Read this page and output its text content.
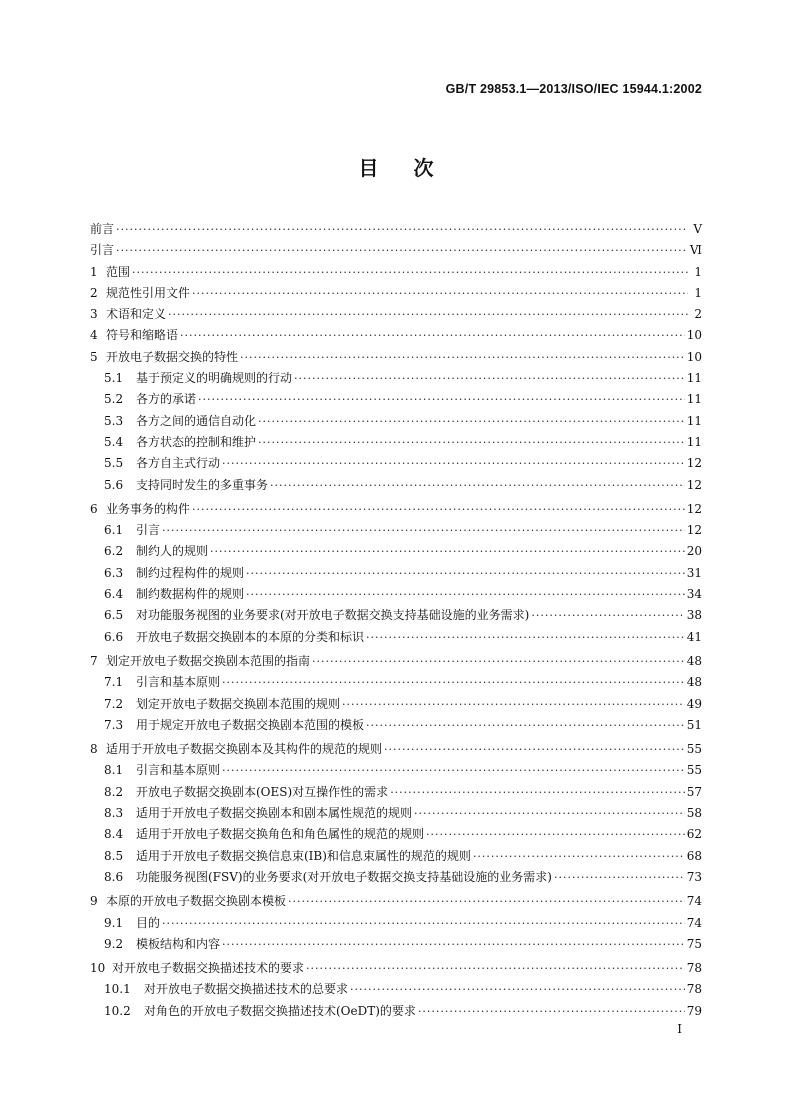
GB/T 29853.1—2013/ISO/IEC 15944.1:2002
目 次
前言 ·····	Ⅴ
引言 ·····	Ⅵ
1 范围 ·····	1
2 规范性引用文件 ·····	1
3 术语和定义 ·····	2
4 符号和缩略语 ·····	10
5 开放电子数据交换的特性 ·····	10
5.1	基于预定义的明确规则的行动 ·····	11
5.2	各方的承诺 ·····	11
5.3	各方之间的通信自动化 ·····	11
5.4	各方状态的控制和维护 ·····	11
5.5	各方自主式行动 ·····	12
5.6	支持同时发生的多重事务 ·····	12
6 业务事务的构件 ·····	12
6.1	引言 ·····	12
6.2	制约人的规则 ·····	20
6.3	制约过程构件的规则 ·····	31
6.4	制约数据构件的规则 ·····	34
6.5	对功能服务视图的业务要求(对开放电子数据交换支持基础设施的业务需求) ·····	38
6.6	开放电子数据交换剧本的本原的分类和标识 ·····	41
7 划定开放电子数据交换剧本范围的指南 ·····	48
7.1	引言和基本原则 ·····	48
7.2	划定开放电子数据交换剧本范围的规则 ·····	49
7.3	用于规定开放电子数据交换剧本范围的模板 ·····	51
8 适用于开放电子数据交换剧本及其构件的规范的规则 ·····	55
8.1	引言和基本原则 ·····	55
8.2	开放电子数据交换剧本(OES)对互操作性的需求 ·····	57
8.3	适用于开放电子数据交换剧本和剧本属性规范的规则 ·····	58
8.4	适用于开放电子数据交换角色和角色属性的规范的规则 ·····	62
8.5	适用于开放电子数据交换信息束(IB)和信息束属性的规范的规则 ·····	68
8.6	功能服务视图(FSV)的业务要求(对开放电子数据交换支持基础设施的业务需求) ·····	73
9 本原的开放电子数据交换剧本模板 ·····	74
9.1	目的 ·····	74
9.2	模板结构和内容 ·····	75
10 对开放电子数据交换描述技术的要求 ·····	78
10.1	对开放电子数据交换描述技术的总要求 ·····	78
10.2	对角色的开放电子数据交换描述技术(OeDT)的要求 ·····	79
I
